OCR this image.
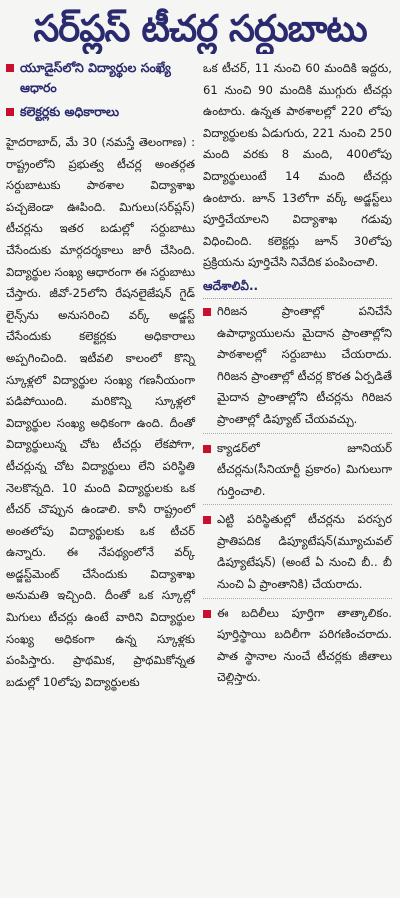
సర్‌ప్లస్ టీచర్ల సర్దుబాటు
యూడైస్‌లోని విద్యార్థుల సంఖ్యే ఆధారం
కలెక్టర్లకు అధికారాలు

హైదరాబాద్, మే 30 (నమస్తే తెలంగాణ) : రాష్ట్రంలోని ప్రభుత్వ టీచర్ల అంతర్గత సర్దుబాటుకు పాఠశాల విద్యాశాఖ పచ్చజెండా ఊపింది. మిగులు(సర్‌ప్లస్) టీచర్లను ఇతర బడుల్లో సర్దుబాటు చేసేందుకు మార్గదర్శకాలు జారీ చేసింది. విద్యార్థుల సంఖ్య ఆధారంగా ఈ సర్దుబాటు చేస్తారు. జీవో-25లోని రేషనలైజేషన్ గైడ్ లైన్స్‌ను అనుసరించి వర్క్ అడ్జస్ట్ చేసేందుకు కలెక్టర్లకు అధికారాలు అప్పగించింది. ఇటీవలి కాలంలో కొన్ని స్కూళ్లలో విద్యార్థుల సంఖ్య గణనీయంగా పడిపోయింది. మరికొన్ని స్కూళ్లలో విద్యార్థుల సంఖ్య అధికంగా ఉంది. దీంతో విద్యార్థులున్న చోట టీచర్లు లేకపోగా, టీచర్లున్న చోట విద్యార్థులు లేని పరిస్థితి నెలకొన్నది. 10 మంది విద్యార్థులకు ఒక టీచర్ చొప్పున ఉండాలి. కానీ రాష్ట్రంలో అంతలోపు విద్యార్థులకు ఒక టీచర్ ఉన్నారు. ఈ నేపథ్యంలోనే వర్క్ అడ్జస్ట్‌మెంట్ చేసేందుకు విద్యాశాఖ అనుమతి ఇచ్చింది. దీంతో ఒక స్కూల్లో మిగులు టీచర్లు ఉంటే వారిని విద్యార్థుల సంఖ్య అధికంగా ఉన్న స్కూళ్లకు పంపిస్తారు. ప్రాథమిక, ప్రాథమికోన్నత బడుల్లో 10లోపు విద్యార్థులకు

ఒక టీచర్, 11 నుంచి 60 మందికి ఇద్దరు, 61 నుంచి 90 మందికి ముగ్గురు టీచర్లు ఉంటారు. ఉన్నత పాఠశాలల్లో 220 లోపు విద్యార్థులకు ఏడుగురు, 221 నుంచి 250 మంది వరకు 8 మంది, 400లోపు విద్యార్థులుంటే 14 మంది టీచర్లు ఉంటారు. జూన్ 13లోగా వర్క్ అడ్జస్ట్‌లు పూర్తిచేయాలని విద్యాశాఖ గడువు విధించింది. కలెక్టర్లు జూన్ 30లోపు ప్రక్రియను పూర్తిచేసి నివేదిక పంపించాలి.

ఆదేశాలివీ..
గిరిజన ప్రాంతాల్లో పనిచేసే ఉపాధ్యాయులను మైదాన ప్రాంతాల్లోని పాఠశాలల్లో సర్దుబాటు చేయరాదు. గిరిజన ప్రాంతాల్లో టీచర్ల కొరత ఏర్పడితే మైదాన ప్రాంతాల్లోని టీచర్లను గిరిజన ప్రాంతాల్లో డిప్యూట్ చేయవచ్చు.
క్యాడర్‌లో జూనియర్ టీచర్లను(సీనియార్టీ ప్రకారం) మిగులుగా గుర్తించాలి.
ఎట్టి పరిస్థితుల్లో టీచర్లను పరస్పర ప్రాతిపదిక డిప్యూటేషన్(మ్యూచువల్ డిప్యూటేషన్) (అంటే ఏ నుంచి బీ.. బీ నుంచి ఏ ప్రాంతానికి) చేయరాదు.
ఈ బదిలీలు పూర్తిగా తాత్కాలికం. పూర్తిస్థాయి బదిలీగా పరిగణించరాదు. పాత స్థానాల నుంచే టీచర్లకు జీతాలు చెల్లిస్తారు.
